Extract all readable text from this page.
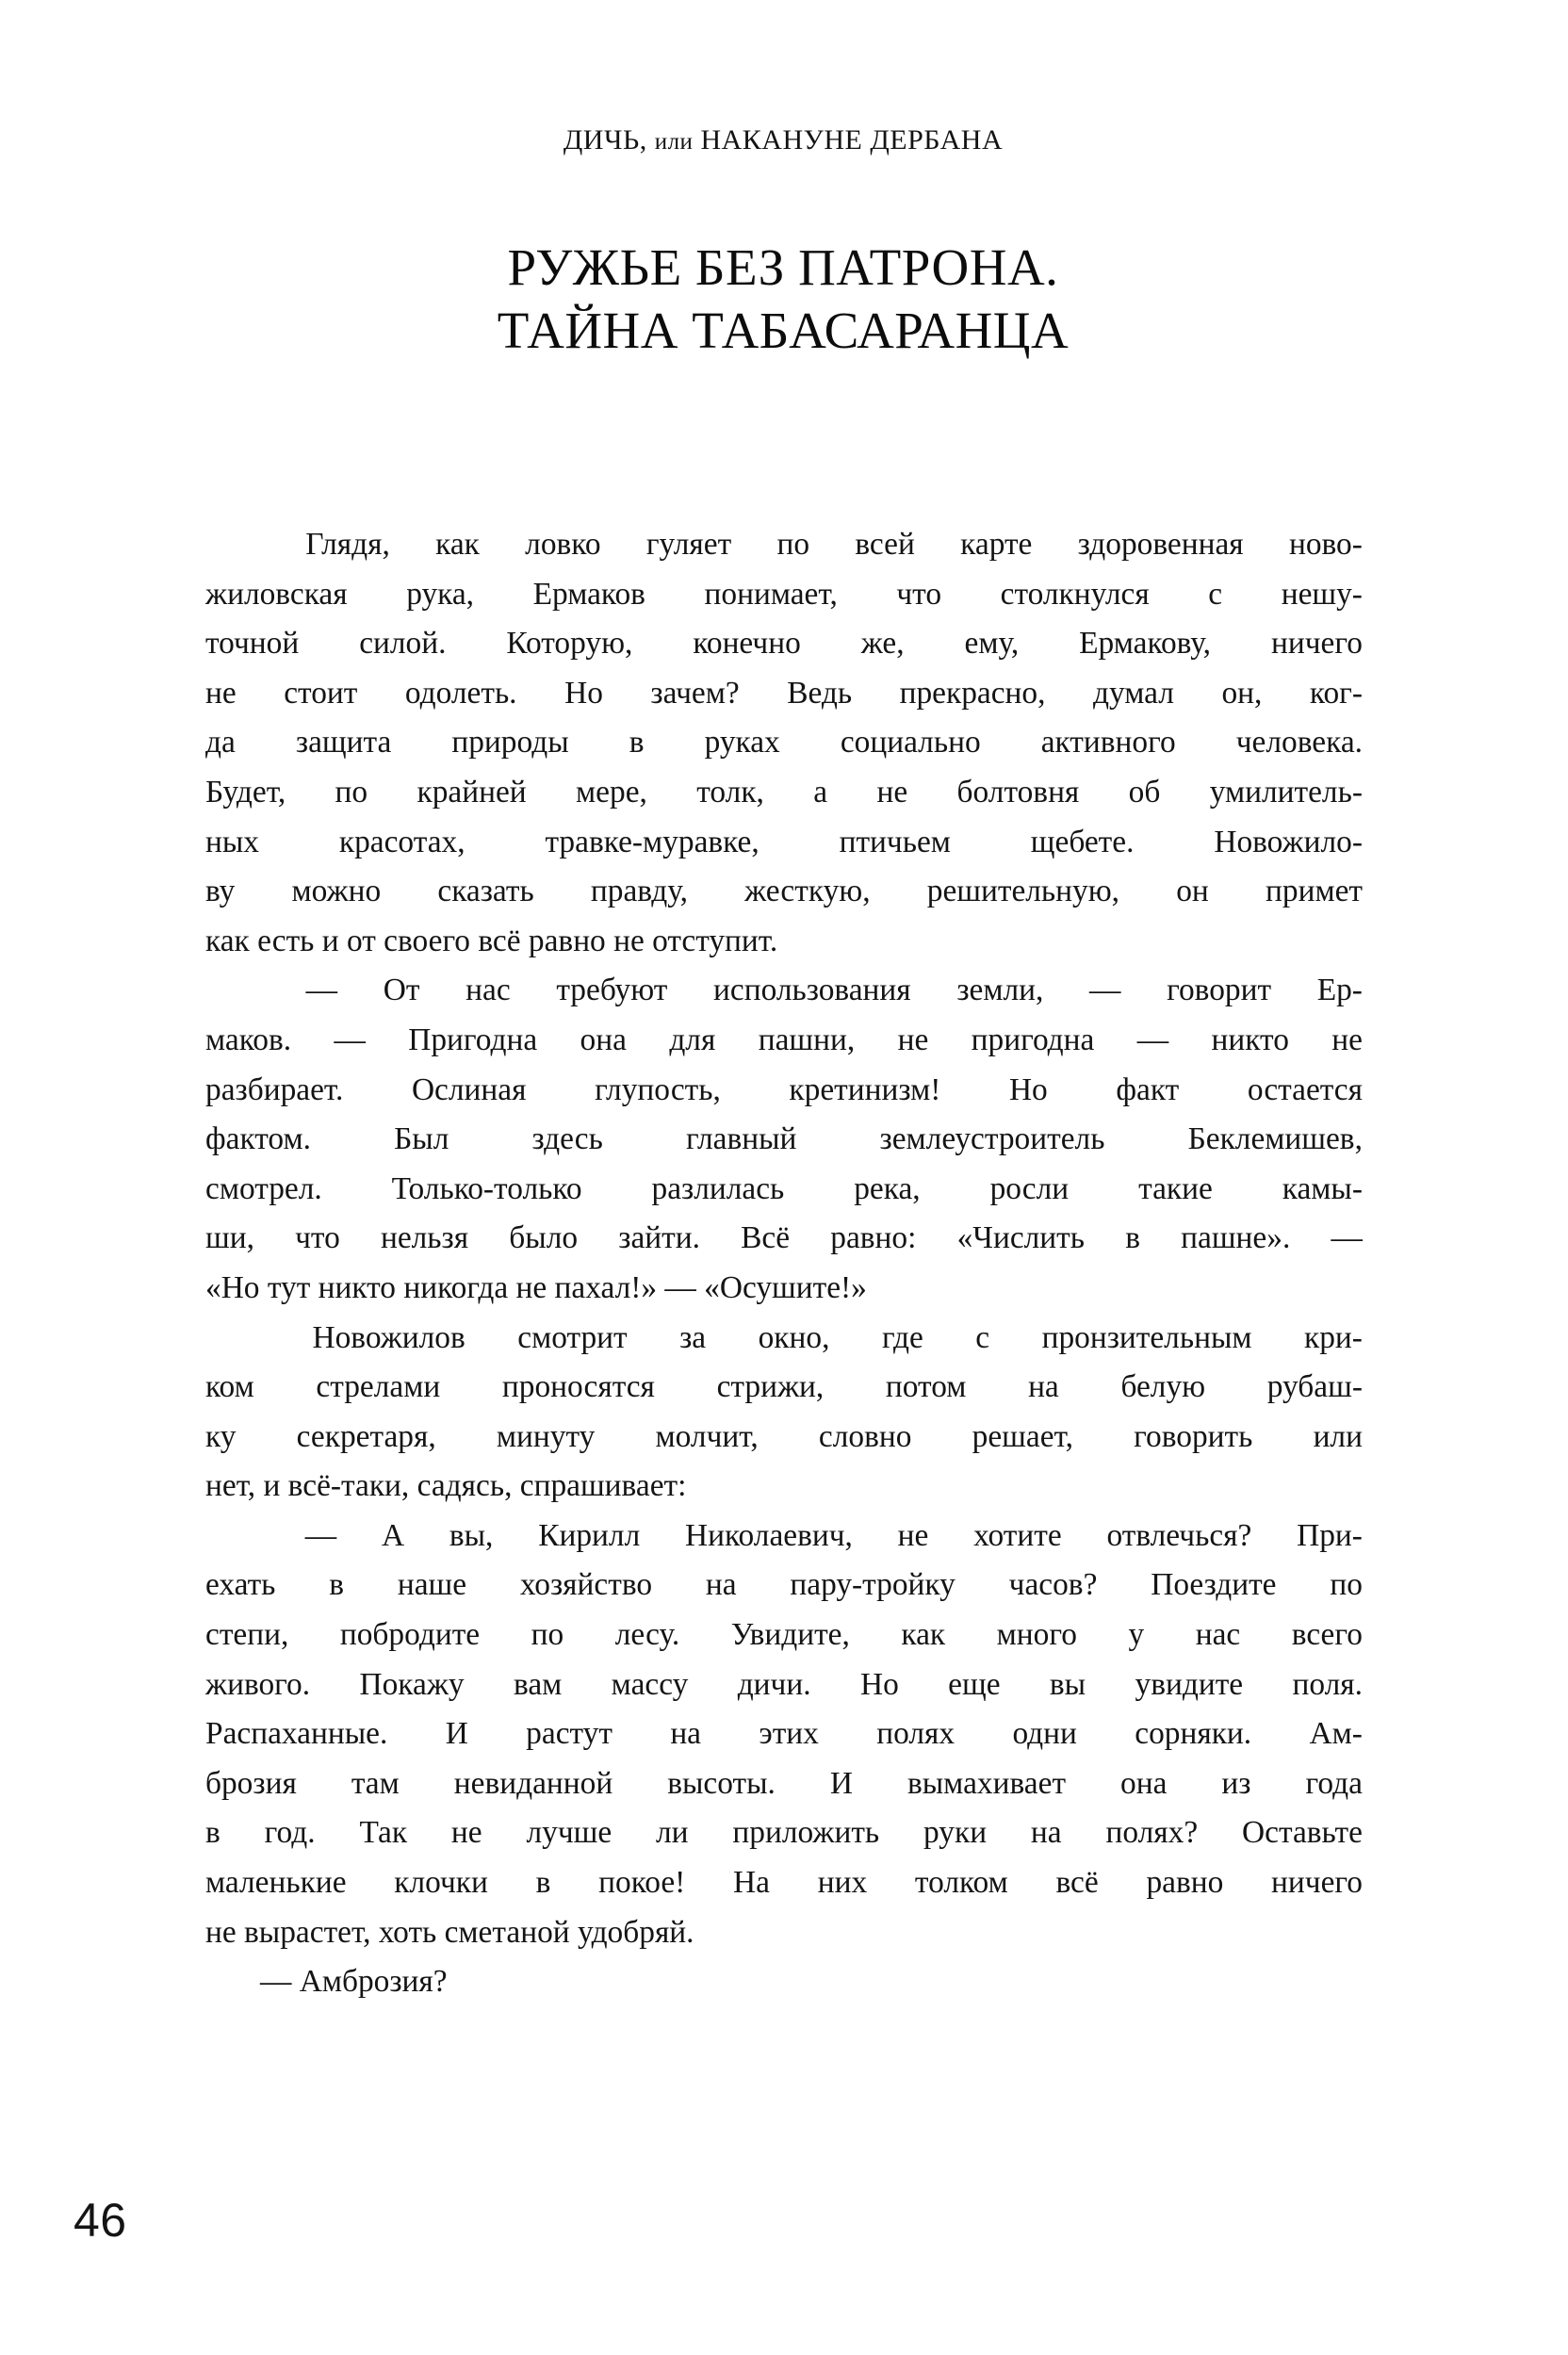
ДИЧЬ, или НАКАНУНЕ ДЕРБАНА
РУЖЬЕ БЕЗ ПАТРОНА.
ТАЙНА ТАБАСАРАНЦА

Глядя, как ловко гуляет по всей карте здоровенная ново-
жиловская рука, Ермаков понимает, что столкнулся с нешу-
точной силой. Которую, конечно же, ему, Ермакову, ничего
не стоит одолеть. Но зачем? Ведь прекрасно, думал он, ког-
да защита природы в руках социально активного человека.
Будет, по крайней мере, толк, а не болтовня об умилитель-
ных	красотах,	травке-муравке,	птичьем	щебете.	Новожило-
ву можно сказать правду, жесткую, решительную, он примет
как есть и от своего всё равно не отступит.

— От нас требуют использования земли, — говорит Ер-
маков. — Пригодна она для пашни, не пригодна — никто не
разбирает. Ослиная глупость, кретинизм! Но факт остается
фактом.	Был	здесь	главный	землеустроитель	Беклемишев,
смотрел. Только-только разлилась река, росли такие камы-
ши, что нельзя было зайти. Всё равно: «Числить в пашне». —
«Но тут никто никогда не пахал!» — «Осушите!»

Новожилов смотрит за окно, где с пронзительным кри-
ком стрелами проносятся стрижи, потом на белую рубаш-
ку секретаря, минуту молчит, словно решает, говорить или
нет, и всё-таки, садясь, спрашивает:

— А вы, Кирилл Николаевич, не хотите отвлечься? При-
ехать в наше хозяйство на пару-тройку часов? Поездите по
степи, побродите по лесу. Увидите, как много у нас всего
живого. Покажу вам массу дичи. Но еще вы увидите поля.
Распаханные. И растут на этих полях одни сорняки. Ам-
брозия там невиданной высоты. И вымахивает она из года
в год. Так не лучше ли приложить руки на полях? Оставьте
маленькие клочки в покое! На них толком всё равно ничего
не вырастет, хоть сметаной удобряй.

— Амброзия?

46
